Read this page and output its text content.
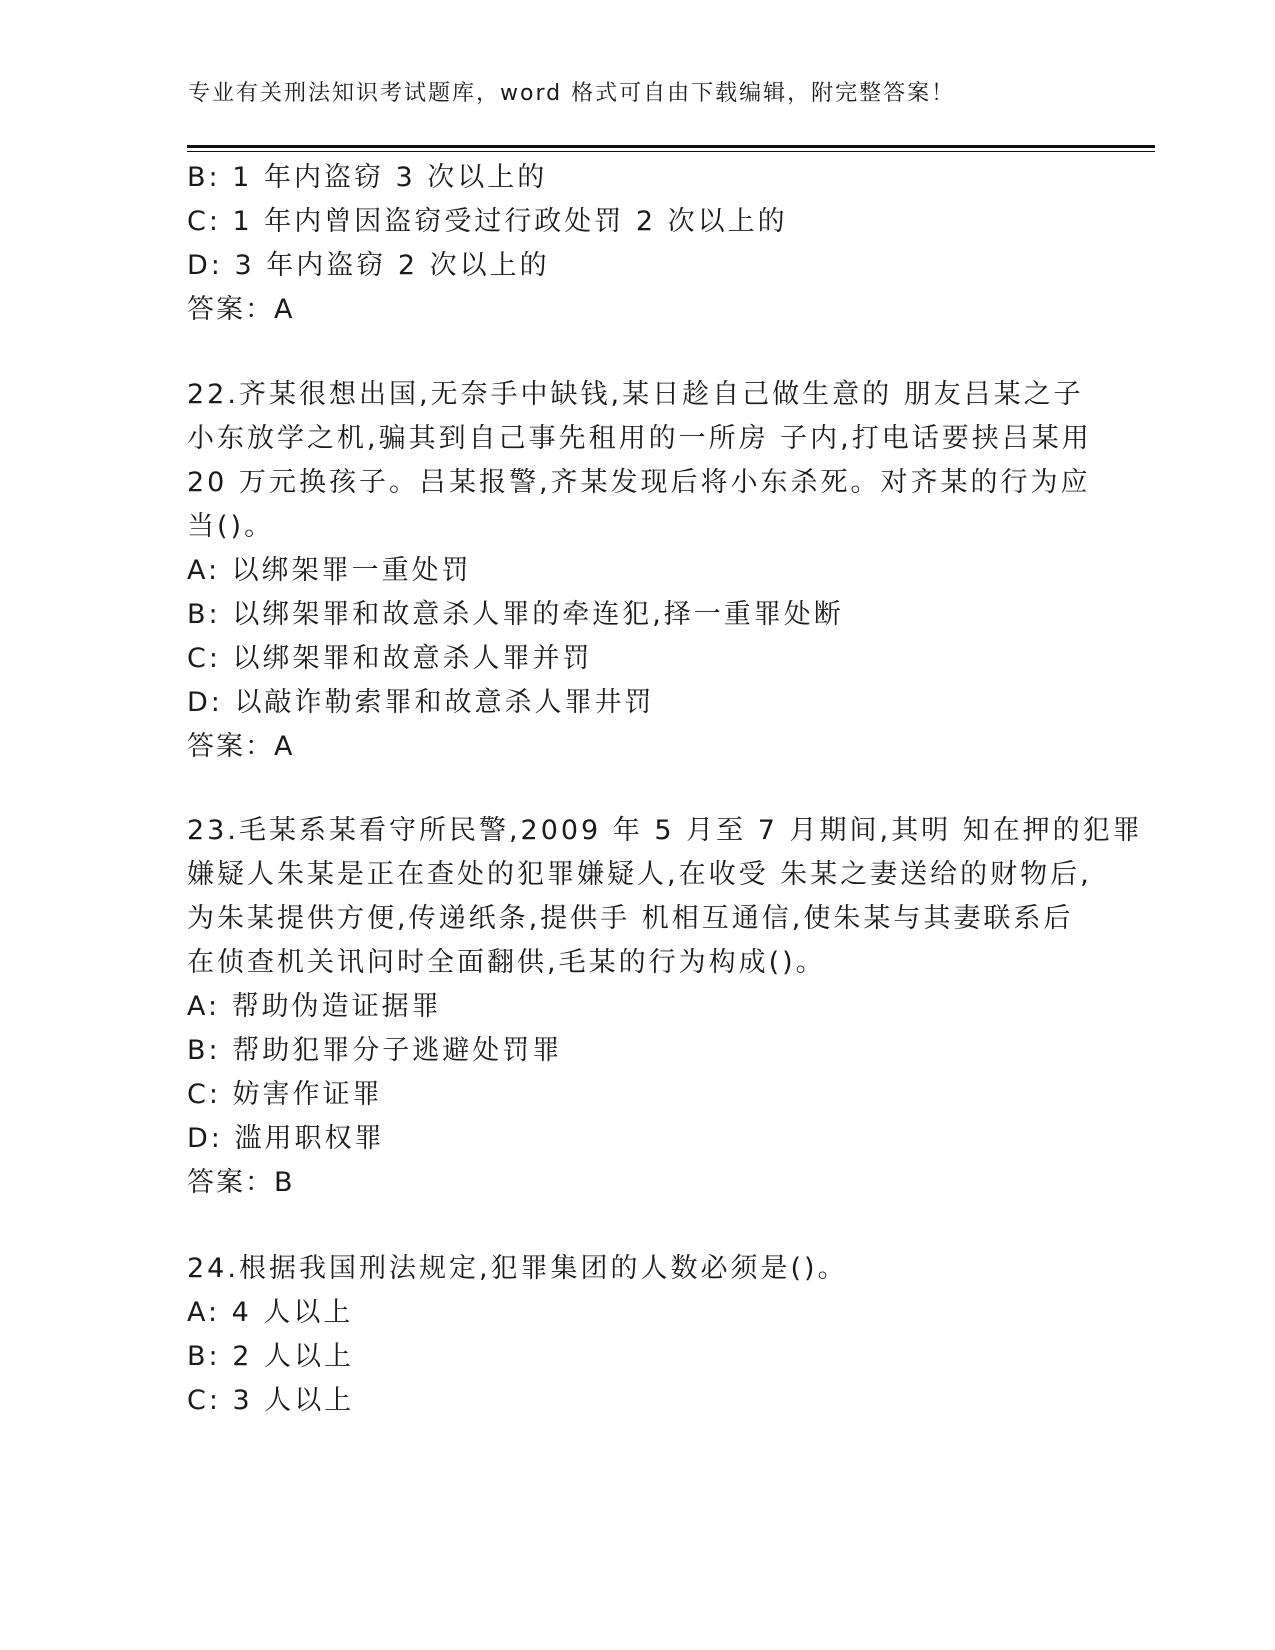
专业有关刑法知识考试题库，word 格式可自由下载编辑，附完整答案！
B: 1 年内盗窃 3 次以上的
C: 1 年内曾因盗窃受过行政处罚 2 次以上的
D: 3 年内盗窃 2 次以上的
答案：A
22.齐某很想出国,无奈手中缺钱,某日趁自己做生意的 朋友吕某之子
小东放学之机,骗其到自己事先租用的一所房 子内,打电话要挟吕某用
20 万元换孩子。吕某报警,齐某发现后将小东杀死。对齐某的行为应
当()。
A: 以绑架罪一重处罚
B: 以绑架罪和故意杀人罪的牵连犯,择一重罪处断
C: 以绑架罪和故意杀人罪并罚
D: 以敲诈勒索罪和故意杀人罪井罚
答案：A
23.毛某系某看守所民警,2009 年 5 月至 7 月期间,其明 知在押的犯罪
嫌疑人朱某是正在查处的犯罪嫌疑人,在收受 朱某之妻送给的财物后,
为朱某提供方便,传递纸条,提供手 机相互通信,使朱某与其妻联系后
在侦查机关讯问时全面翻供,毛某的行为构成()。
A: 帮助伪造证据罪
B: 帮助犯罪分子逃避处罚罪
C: 妨害作证罪
D: 滥用职权罪
答案：B
24.根据我国刑法规定,犯罪集团的人数必须是()。
A: 4 人以上
B: 2 人以上
C: 3 人以上
